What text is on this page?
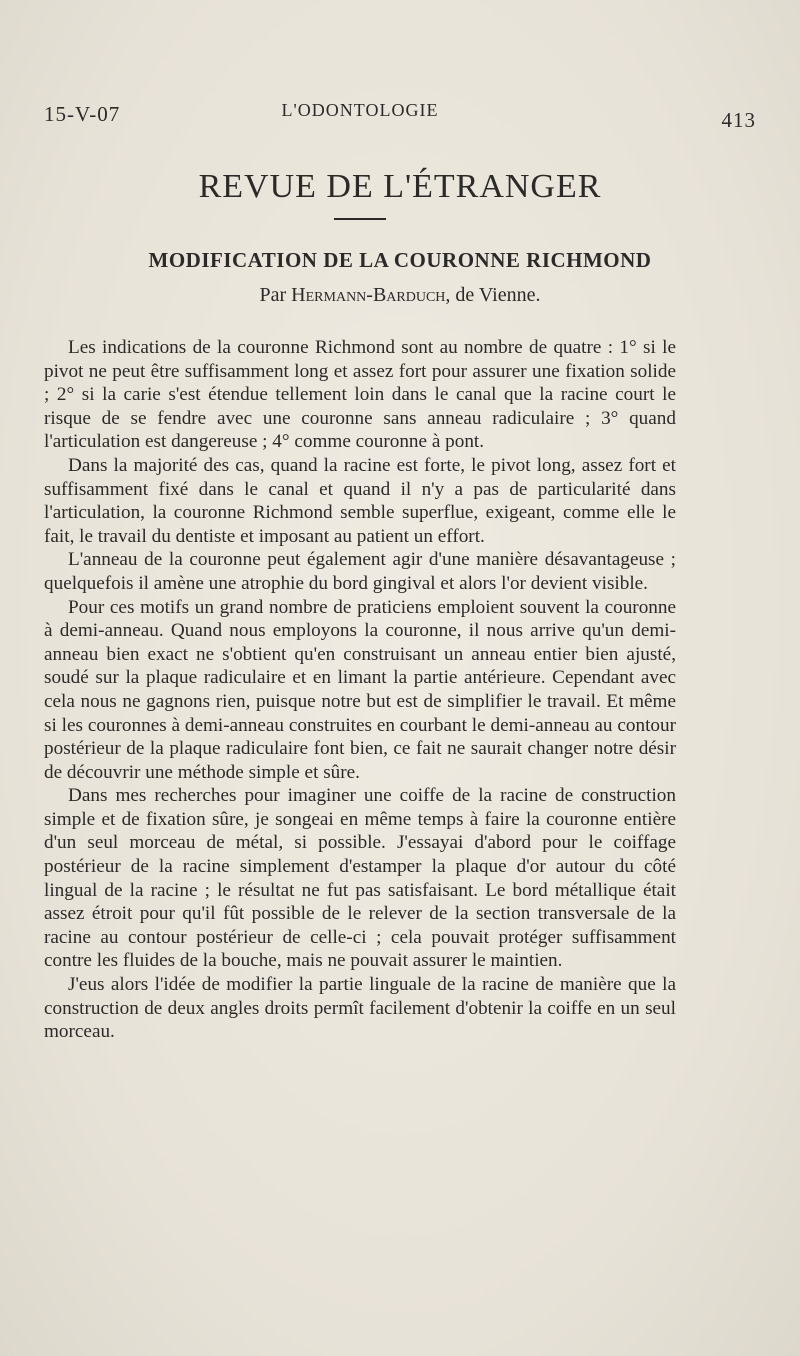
15-V-07	L'ODONTOLOGIE	413
REVUE DE L'ÉTRANGER
MODIFICATION DE LA COURONNE RICHMOND
Par Hermann-Barduch, de Vienne.

Les indications de la couronne Richmond sont au nombre de quatre : 1° si le pivot ne peut être suffisamment long et assez fort pour assurer une fixation solide ; 2° si la carie s'est étendue tellement loin dans le canal que la racine court le risque de se fendre avec une couronne sans anneau radiculaire ; 3° quand l'articulation est dangereuse ; 4° comme couronne à pont.

Dans la majorité des cas, quand la racine est forte, le pivot long, assez fort et suffisamment fixé dans le canal et quand il n'y a pas de particularité dans l'articulation, la couronne Richmond semble superflue, exigeant, comme elle le fait, le travail du dentiste et imposant au patient un effort.

L'anneau de la couronne peut également agir d'une manière désavantageuse ; quelquefois il amène une atrophie du bord gingival et alors l'or devient visible.

Pour ces motifs un grand nombre de praticiens emploient souvent la couronne à demi-anneau. Quand nous employons la couronne, il nous arrive qu'un demi-anneau bien exact ne s'obtient qu'en construisant un anneau entier bien ajusté, soudé sur la plaque radiculaire et en limant la partie antérieure. Cependant avec cela nous ne gagnons rien, puisque notre but est de simplifier le travail. Et même si les couronnes à demi-anneau construites en courbant le demi-anneau au contour postérieur de la plaque radiculaire font bien, ce fait ne saurait changer notre désir de découvrir une méthode simple et sûre.

Dans mes recherches pour imaginer une coiffe de la racine de construction simple et de fixation sûre, je songeai en même temps à faire la couronne entière d'un seul morceau de métal, si possible. J'essayai d'abord pour le coiffage postérieur de la racine simplement d'estamper la plaque d'or autour du côté lingual de la racine ; le résultat ne fut pas satisfaisant. Le bord métallique était assez étroit pour qu'il fût possible de le relever de la section transversale de la racine au contour postérieur de celle-ci ; cela pouvait protéger suffisamment contre les fluides de la bouche, mais ne pouvait assurer le maintien.

J'eus alors l'idée de modifier la partie linguale de la racine de manière que la construction de deux angles droits permît facilement d'obtenir la coiffe en un seul morceau.
